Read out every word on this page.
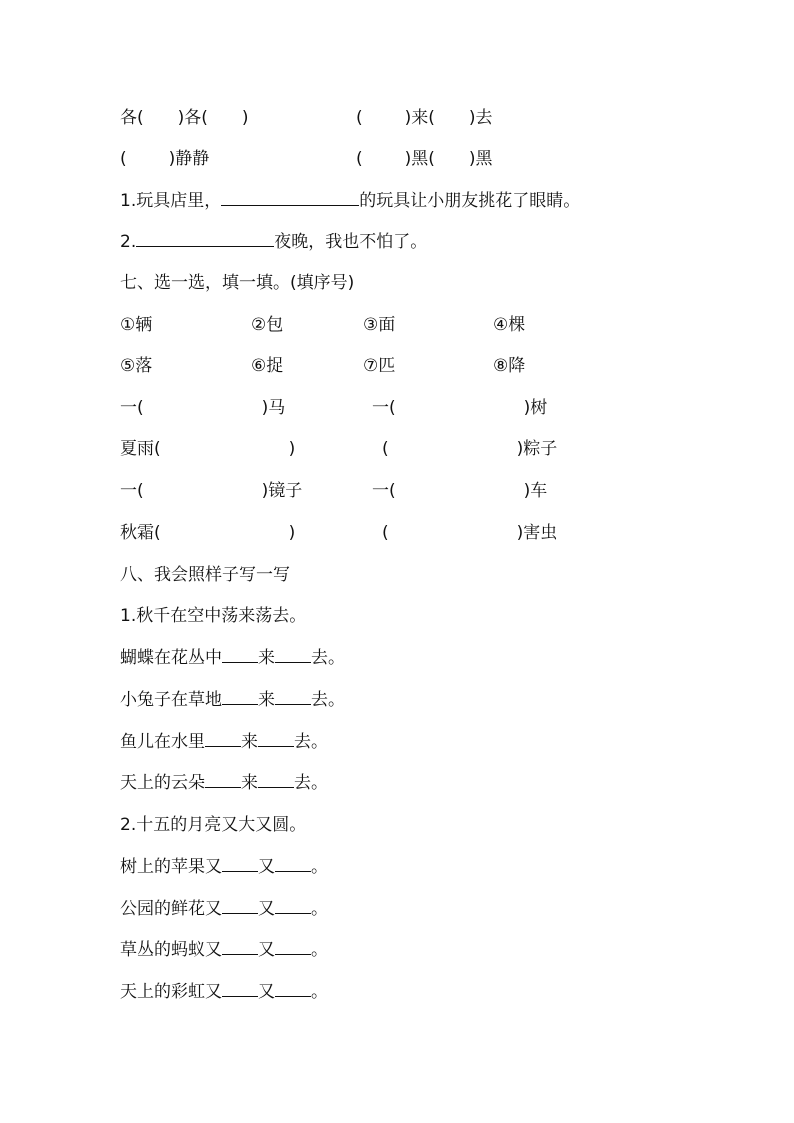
各( )各( )	( )来( )去
( )静静	( )黑( )黑
1.玩具店里，	的玩具让小朋友挑花了眼睛。
2.	夜晚，我也不怕了。
七、选一选，填一填。(填序号)
①辆	②包	③面	④棵
⑤落	⑥捉	⑦匹	⑧降
一(	)马	一(	)树
夏雨(	)	(	)粽子
一(	)镜子	一(	)车
秋霜(	)	(	)害虫
八、我会照样子写一写
1.秋千在空中荡来荡去。
蝴蝶在花丛中 来 去。
小兔子在草地 来 去。
鱼儿在水里 来 去。
天上的云朵 来 去。
2.十五的月亮又大又圆。
树上的苹果又 又 。
公园的鲜花又 又 。
草丛的蚂蚁又 又 。
天上的彩虹又 又 。
